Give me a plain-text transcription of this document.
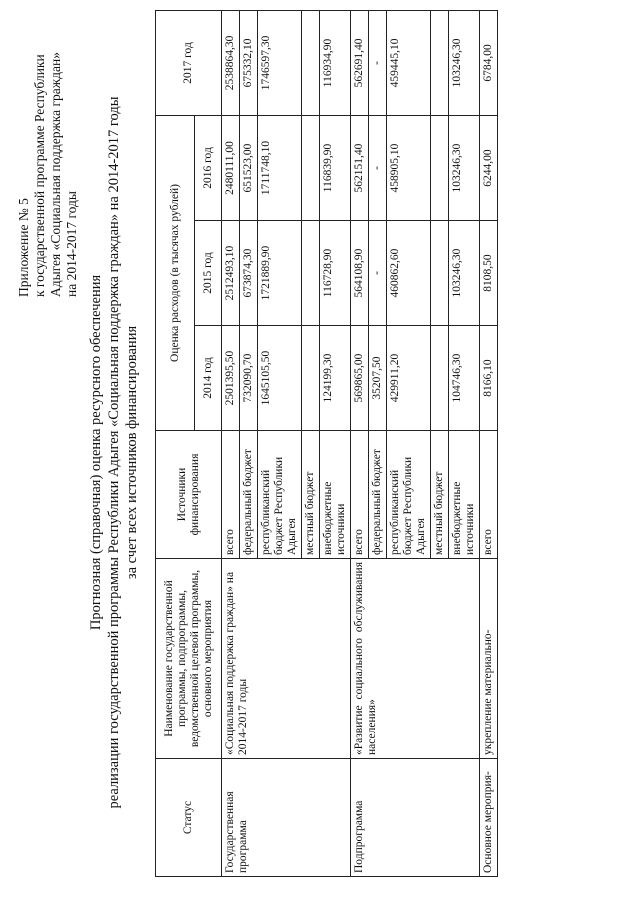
Приложение № 5 к государственной программе Республики Адыгея «Социальная поддержка граждан» на 2014-2017 годы
Прогнозная (справочная) оценка ресурсного обеспечения реализации государственной программы Республики Адыгея «Социальная поддержка граждан» на 2014-2017 годы за счет всех источников финансирования
Статус	Наименование государственной программы, подпрограммы, ведомственной целевой программы, основного мероприятия	Источники финансирования	Оценка расходов (в тысячах рублей)			2017 год
			2014 год	2015 год	2016 год	
Государственная программа	«Социальная поддержка граждан» на 2014-2017 годы	всего	2501395,50	2512493,10	2480111,00	2538864,30
		федеральный бюджет	732090,70	673874,30	651523,00	675332,10
		республиканский бюджет Республики Адыгея	1645105,50	1721889,90	1711748,10	1746597,30
		местный бюджет				
		внебюджетные источники	124199,30	116728,90	116839,90	116934,90
Подпрограмма	«Развитие социального обслуживания населения»	всего	569865,00	564108,90	562151,40	562691,40
		федеральный бюджет	35207,50	-	-	-
		республиканский бюджет Республики Адыгея	429911,20	460862,60	458905,10	459445,10
		местный бюджет				
		внебюджетные источники	104746,30	103246,30	103246,30	103246,30
Основное мероприя-	укрепление материально-	всего	8166,10	8108,50	6244,00	6784,00
